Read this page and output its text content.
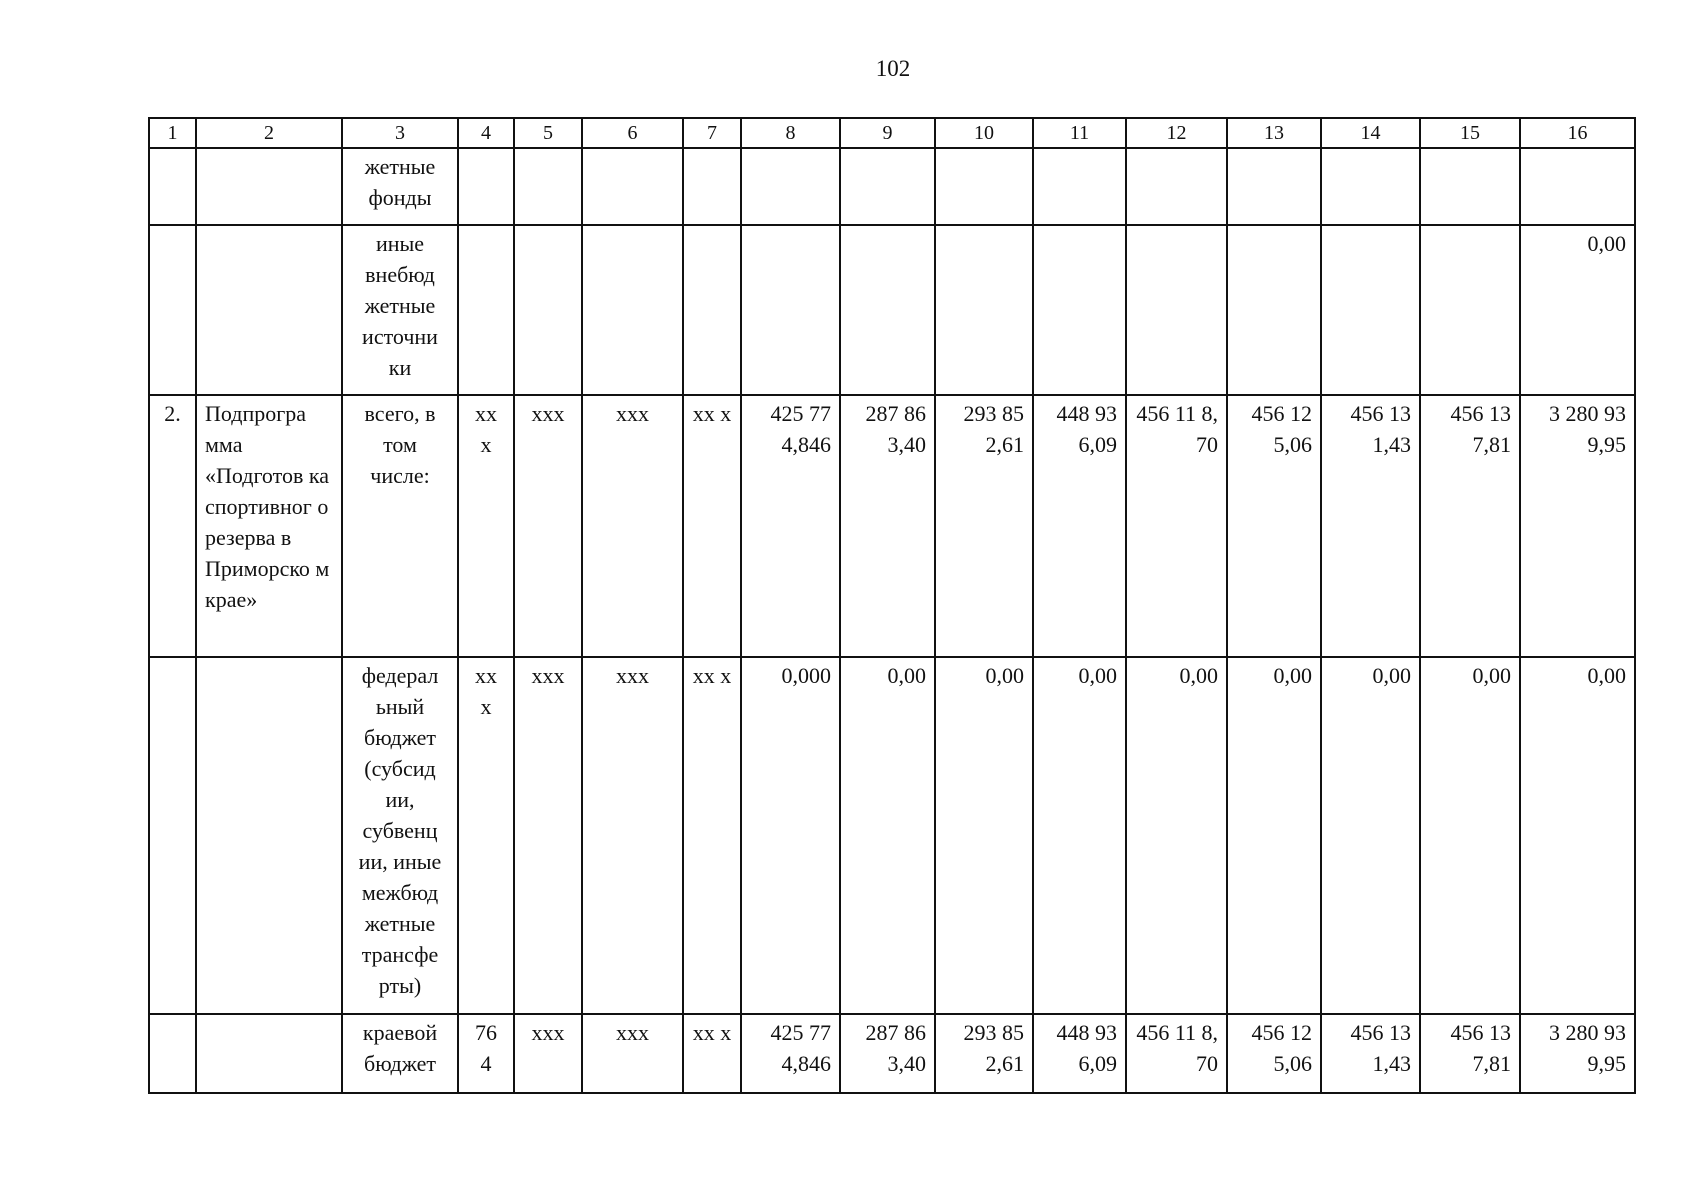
102
1	2	3	4	5	6	7	8	9	10	11	12	13	14	15	16
		жетные фонды													
		иные внебюд жетные источни ки													0,00
2.	Подпрогра мма «Подготов ка спортивног о резерва в Приморско м крае»	всего, в том числе:	xx x	xxx	xxx	xx x	425 77 4,846	287 86 3,40	293 85 2,61	448 93 6,09	456 11 8,70	456 12 5,06	456 13 1,43	456 13 7,81	3 280 93 9,95
		федерал ьный бюджет (субсид ии, субвенц ии, иные межбюд жетные трансфе рты)	xx x	xxx	xxx	xx x	0,000	0,00	0,00	0,00	0,00	0,00	0,00	0,00	0,00
		краевой бюджет	76 4	xxx	xxx	xx x	425 77 4,846	287 86 3,40	293 85 2,61	448 93 6,09	456 11 8,70	456 12 5,06	456 13 1,43	456 13 7,81	3 280 93 9,95
